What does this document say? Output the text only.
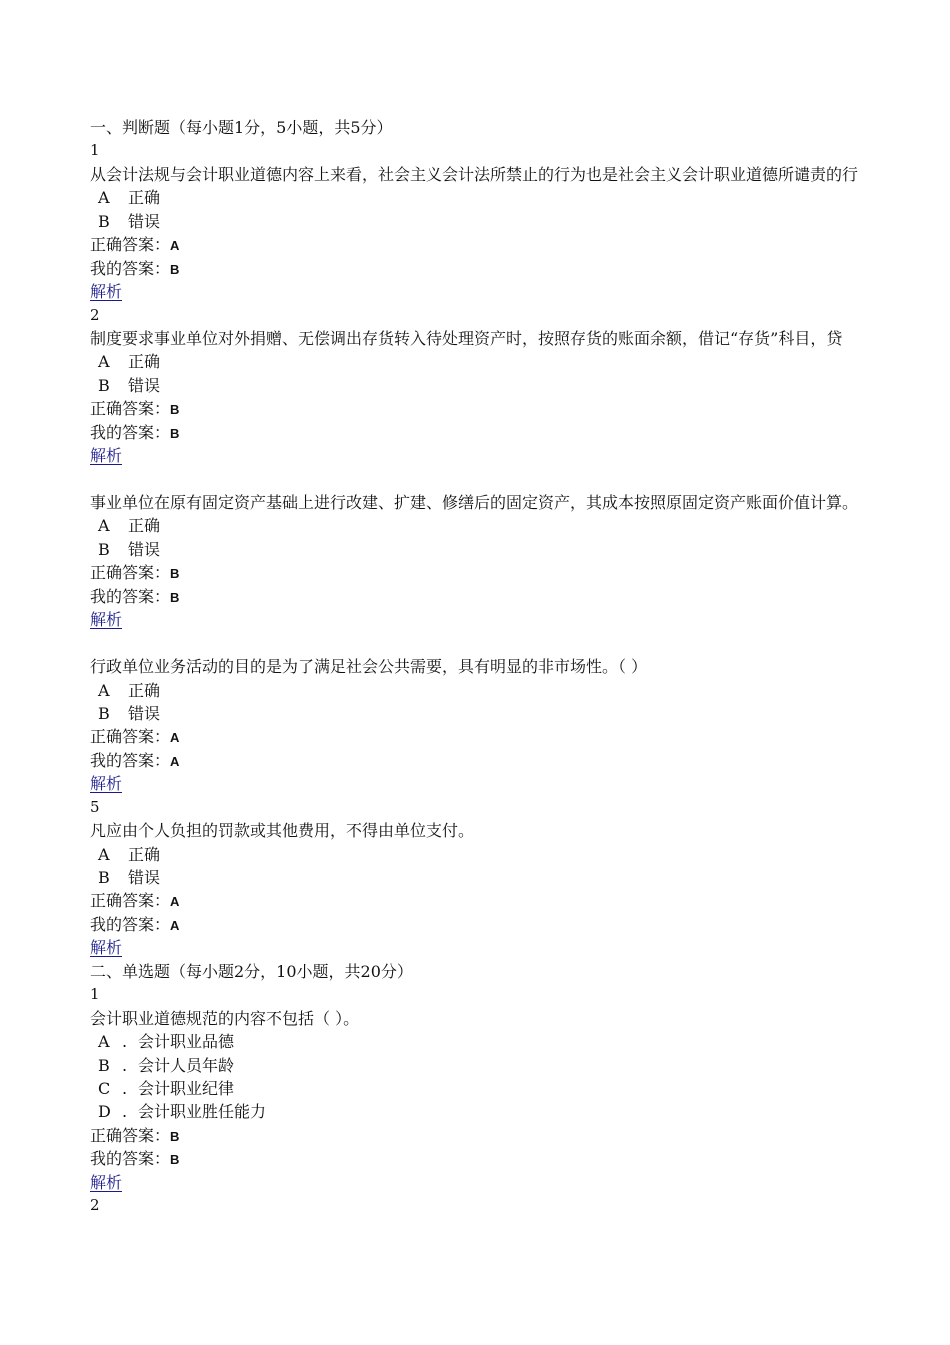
一、判断题（每小题1分，5小题，共5分）
1
从会计法规与会计职业道德内容上来看，社会主义会计法所禁止的行为也是社会主义会计职业道德所谴责的行
A 正确
B 错误
正确答案：A
我的答案：B
解析
2
制度要求事业单位对外捐赠、无偿调出存货转入待处理资产时，按照存货的账面余额，借记“存货”科目，贷
A 正确
B 错误
正确答案：B
我的答案：B
解析
事业单位在原有固定资产基础上进行改建、扩建、修缮后的固定资产，其成本按照原固定资产账面价值计算。
A 正确
B 错误
正确答案：B
我的答案：B
解析
行政单位业务活动的目的是为了满足社会公共需要，具有明显的非市场性。（ ）
A 正确
B 错误
正确答案：A
我的答案：A
解析
5
凡应由个人负担的罚款或其他费用，不得由单位支付。
A 正确
B 错误
正确答案：A
我的答案：A
解析
二、单选题（每小题2分，10小题，共20分）
1
会计职业道德规范的内容不包括（ ）。
A . 会计职业品德
B . 会计人员年龄
C . 会计职业纪律
D . 会计职业胜任能力
正确答案：B
我的答案：B
解析
2
